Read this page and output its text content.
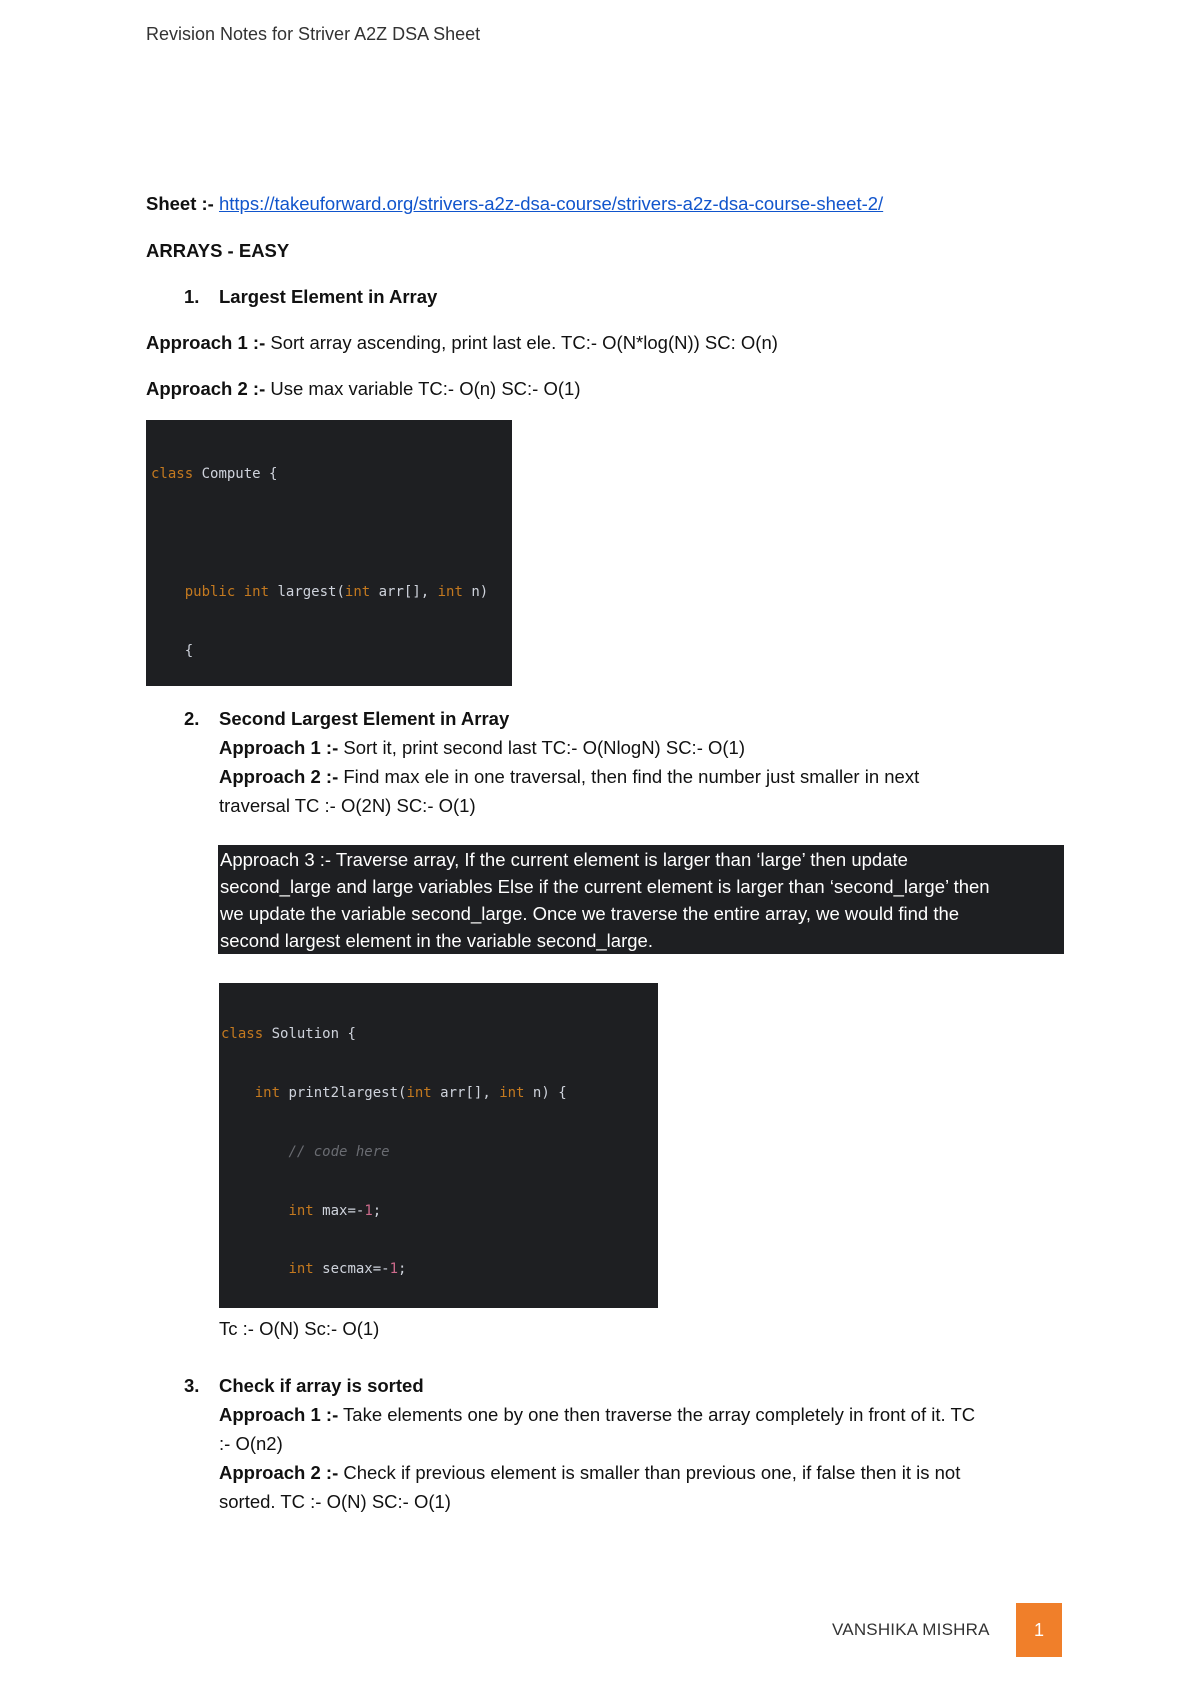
Revision Notes for Striver A2Z DSA Sheet
Sheet :- https://takeuforward.org/strivers-a2z-dsa-course/strivers-a2z-dsa-course-sheet-2/
ARRAYS - EASY
1. Largest Element in Array
Approach 1 :- Sort array ascending, print last ele. TC:- O(N*log(N)) SC: O(n)
Approach 2 :- Use max variable TC:- O(n) SC:- O(1)

class Compute {

public int largest(int arr[], int n)

{

2. Second Largest Element in Array
Approach 1 :- Sort it, print second last TC:- O(NlogN) SC:- O(1)
Approach 2 :- Find max ele in one traversal, then find the number just smaller in next
traversal TC :- O(2N) SC:- O(1)
Approach 3 :- Traverse array, If the current element is larger than ‘large’ then update
second_large and large variables Else if the current element is larger than ‘second_large’ then
we update the variable second_large. Once we traverse the entire array, we would find the
second largest element in the variable second_large.

class Solution {

int print2largest(int arr[], int n) {

// code here

int max=-1;

int secmax=-1;

Tc :- O(N) Sc:- O(1)
3. Check if array is sorted
Approach 1 :- Take elements one by one then traverse the array completely in front of it. TC
:- O(n2)
Approach 2 :- Check if previous element is smaller than previous one, if false then it is not
sorted. TC :- O(N) SC:- O(1)
VANSHIKA MISHRA	1
